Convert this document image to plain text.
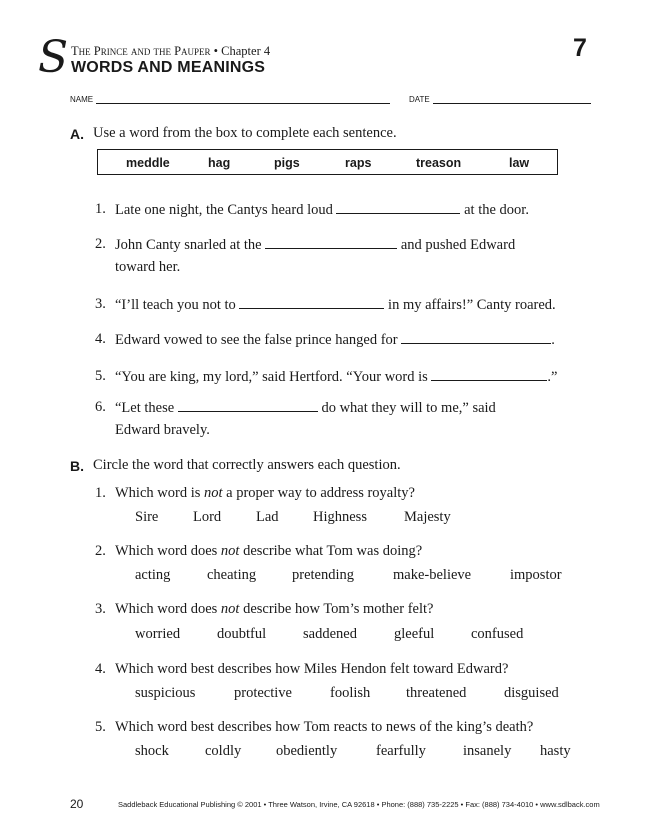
S The Prince and the Pauper • Chapter 4
WORDS AND MEANINGS
7
NAME	DATE
A. Use a word from the box to complete each sentence.
meddle	hag	pigs	raps	treason	law
1. Late one night, the Cantys heard loud	at the door.
2. John Canty snarled at the	and pushed Edward
toward her.
3. “I’ll teach you not to	in my affairs!” Canty roared.
4. Edward vowed to see the false prince hanged for	.
5. “You are king, my lord,” said Hertford. “Your word is	.”
6. “Let these	do what they will to me,” said
Edward bravely.
B. Circle the word that correctly answers each question.
1. Which word is not a proper way to address royalty?
Sire Lord Lad Highness	Majesty
2. Which word does not describe what Tom was doing?
acting	cheating pretending	make-believe	impostor
3. Which word does not describe how Tom’s mother felt?
worried	doubtful	saddened	gleeful	confused
4. Which word best describes how Miles Hendon felt toward Edward?
suspicious	protective	foolish threatened	disguised
5. Which word best describes how Tom reacts to news of the king’s death?
shock coldly obediently	fearfully	insanely hasty
20	Saddleback Educational Publishing © 2001 • Three Watson, Irvine, CA 92618 • Phone: (888) 735-2225 • Fax: (888) 734-4010 • www.sdlback.com
